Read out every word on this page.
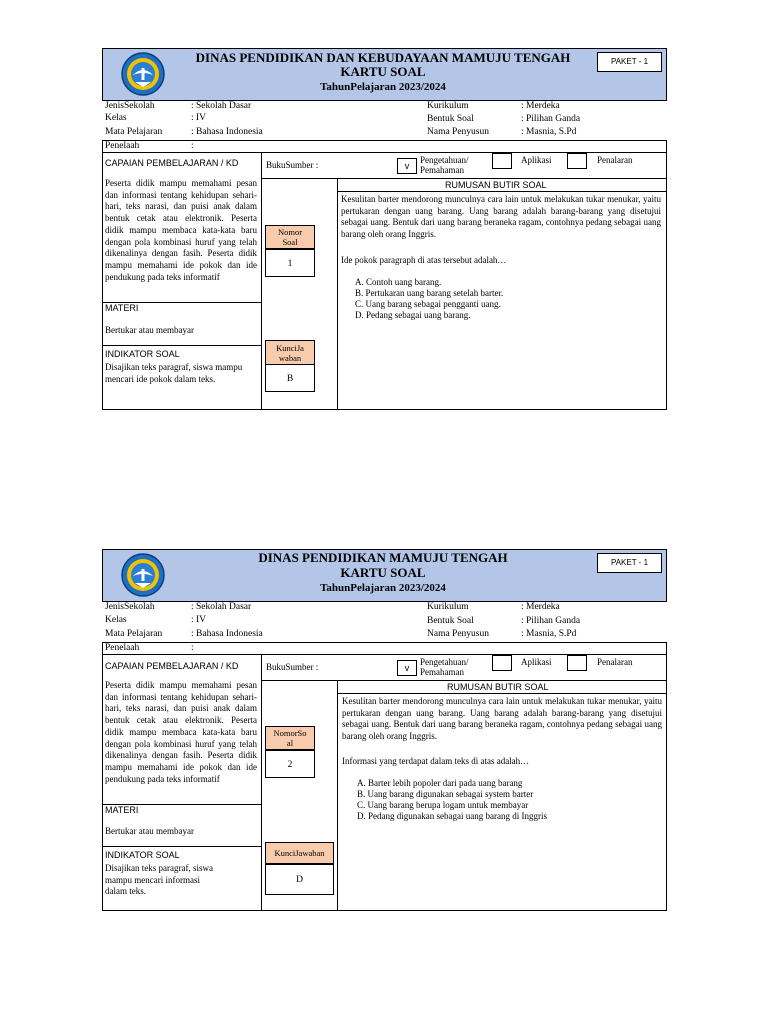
DINAS PENDIDIKAN DAN KEBUDAYAAN MAMUJU TENGAH
KARTU SOAL
TahunPelajaran 2023/2024
PAKET - 1
JenisSekolah	: Sekolah Dasar
Kelas	: IV
Mata Pelajaran	: Bahasa Indonesia
Kurikulum	: Merdeka
Bentuk Soal	: Pilihan Ganda
Nama Penyusun	: Masnia, S.Pd
Penelaah	:
CAPAIAN PEMBELAJARAN / KD	BukuSumber :	v
Pengetahuan/
Pemahaman
Aplikasi	Penalaran
Peserta didik mampu memahami pesan dan informasi tentang kehidupan sehari-hari, teks narasi, dan puisi anak dalam bentuk cetak atau elektronik. Peserta didik mampu membaca kata-kata baru dengan pola kombinasi huruf yang telah dikenalinya dengan fasih. Peserta didik mampu memahami ide pokok dan ide pendukung pada teks informatif
MATERI
Bertukar atau membayar
INDIKATOR SOAL
Disajikan teks paragraf, siswa mampu mencari ide pokok dalam teks.
Nomor
Soal
1
KunciJa
waban
B
RUMUSAN BUTIR SOAL
Kesulitan barter mendorong munculnya cara lain untuk melakukan tukar menukar, yaitu pertukaran dengan uang barang. Uang barang adalah barang-barang yang disetujui sebagai uang. Bentuk dari uang barang beraneka ragam, contohnya pedang sebagai uang barang oleh orang Inggris.
Ide pokok paragraph di atas tersebut adalah…
A. Contoh uang barang.
B. Pertukaran uang barang setelah barter.
C. Uang barang sebagai pengganti uang.
D. Pedang sebagai uang barang.
DINAS PENDIDIKAN MAMUJU TENGAH
KARTU SOAL
TahunPelajaran 2023/2024
PAKET - 1
JenisSekolah	: Sekolah Dasar
Kelas	: IV
Mata Pelajaran	: Bahasa Indonesia
Kurikulum	: Merdeka
Bentuk Soal	: Pilihan Ganda
Nama Penyusun	: Masnia, S.Pd
Penelaah	:
CAPAIAN PEMBELAJARAN / KD	BukuSumber :	v
Pengetahuan/
Pemahaman
Aplikasi	Penalaran
Peserta didik mampu memahami pesan dan informasi tentang kehidupan sehari-hari, teks narasi, dan puisi anak dalam bentuk cetak atau elektronik. Peserta didik mampu membaca kata-kata baru dengan pola kombinasi huruf yang telah dikenalinya dengan fasih. Peserta didik mampu memahami ide pokok dan ide pendukung pada teks informatif
MATERI
Bertukar atau membayar
INDIKATOR SOAL
Disajikan teks paragraf, siswa mampu mencari informasi dalam teks.
NomorSo
al
2
KunciJawaban
D
RUMUSAN BUTIR SOAL
Kesulitan barter mendorong munculnya cara lain untuk melakukan tukar menukar, yaitu pertukaran dengan uang barang. Uang barang adalah barang-barang yang disetujui sebagai uang. Bentuk dari uang barang beraneka ragam, contohnya pedang sebagai uang barang oleh orang Inggris.
Informasi yang terdapat dalam teks di atas adalah…
A. Barter lebih popoler dari pada uang barang
B. Uang barang digunakan sebagai system barter
C. Uang barang berupa logam untuk membayar
D. Pedang digunakan sebagai uang barang di Inggris
